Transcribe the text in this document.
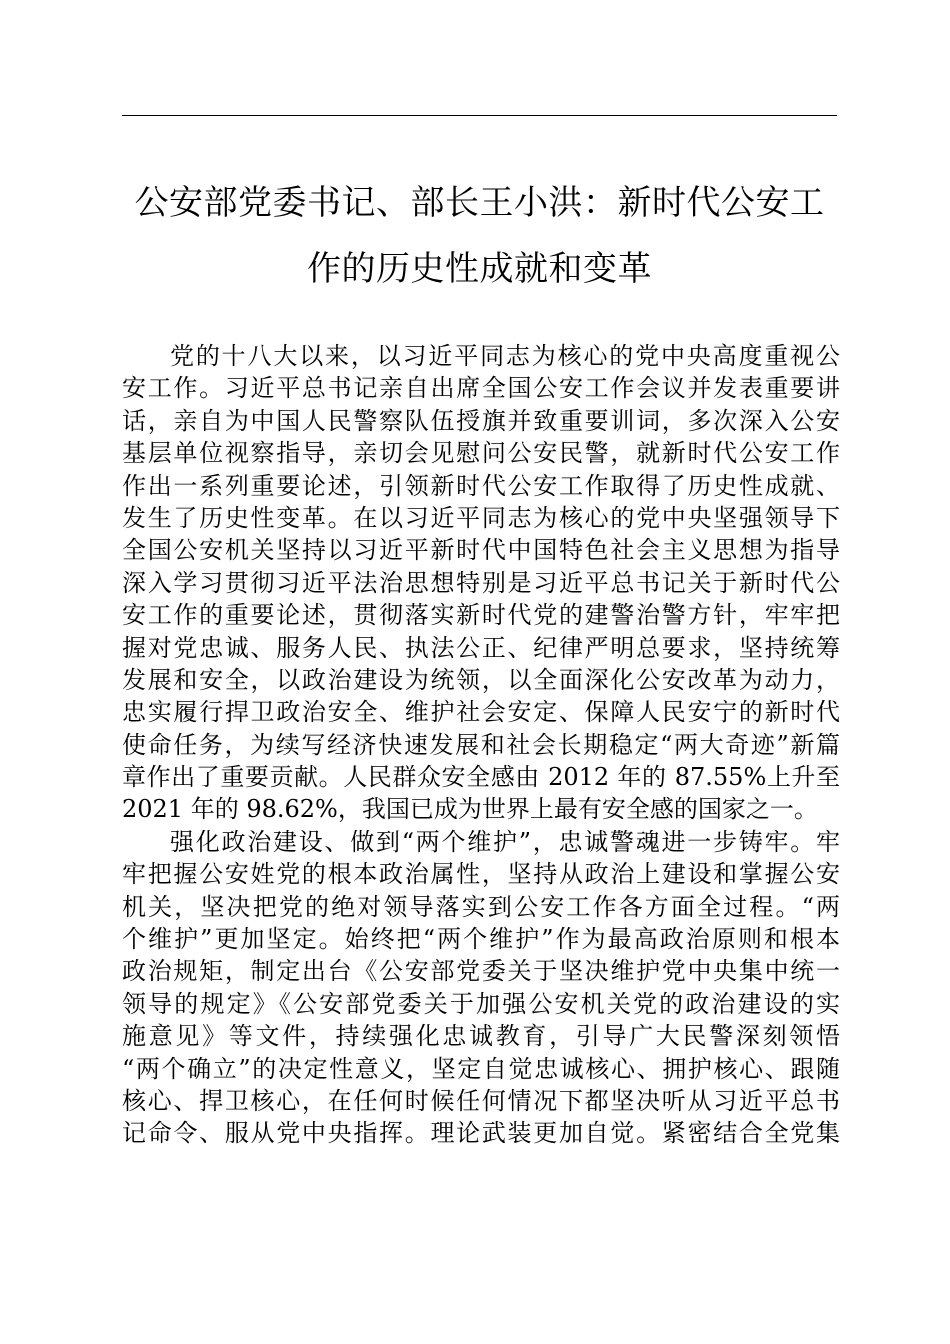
公安部党委书记、部长王小洪：新时代公安工
作的历史性成就和变革
党的十八大以来，以习近平同志为核心的党中央高度重视公
安工作。习近平总书记亲自出席全国公安工作会议并发表重要讲
话，亲自为中国人民警察队伍授旗并致重要训词，多次深入公安
基层单位视察指导，亲切会见慰问公安民警，就新时代公安工作
作出一系列重要论述，引领新时代公安工作取得了历史性成就、
发生了历史性变革。在以习近平同志为核心的党中央坚强领导下
全国公安机关坚持以习近平新时代中国特色社会主义思想为指导
深入学习贯彻习近平法治思想特别是习近平总书记关于新时代公
安工作的重要论述，贯彻落实新时代党的建警治警方针，牢牢把
握对党忠诚、服务人民、执法公正、纪律严明总要求，坚持统筹
发展和安全，以政治建设为统领，以全面深化公安改革为动力，
忠实履行捍卫政治安全、维护社会安定、保障人民安宁的新时代
使命任务，为续写经济快速发展和社会长期稳定“两大奇迹”新篇
章作出了重要贡献。人民群众安全感由 2012 年的 87.55%上升至
2021 年的 98.62%，我国已成为世界上最有安全感的国家之一。
强化政治建设、做到“两个维护”，忠诚警魂进一步铸牢。牢
牢把握公安姓党的根本政治属性，坚持从政治上建设和掌握公安
机关，坚决把党的绝对领导落实到公安工作各方面全过程。“两
个维护”更加坚定。始终把“两个维护”作为最高政治原则和根本
政治规矩，制定出台《公安部党委关于坚决维护党中央集中统一
领导的规定》《公安部党委关于加强公安机关党的政治建设的实
施意见》等文件，持续强化忠诚教育，引导广大民警深刻领悟
“两个确立”的决定性意义，坚定自觉忠诚核心、拥护核心、跟随
核心、捍卫核心，在任何时候任何情况下都坚决听从习近平总书
记命令、服从党中央指挥。理论武装更加自觉。紧密结合全党集
